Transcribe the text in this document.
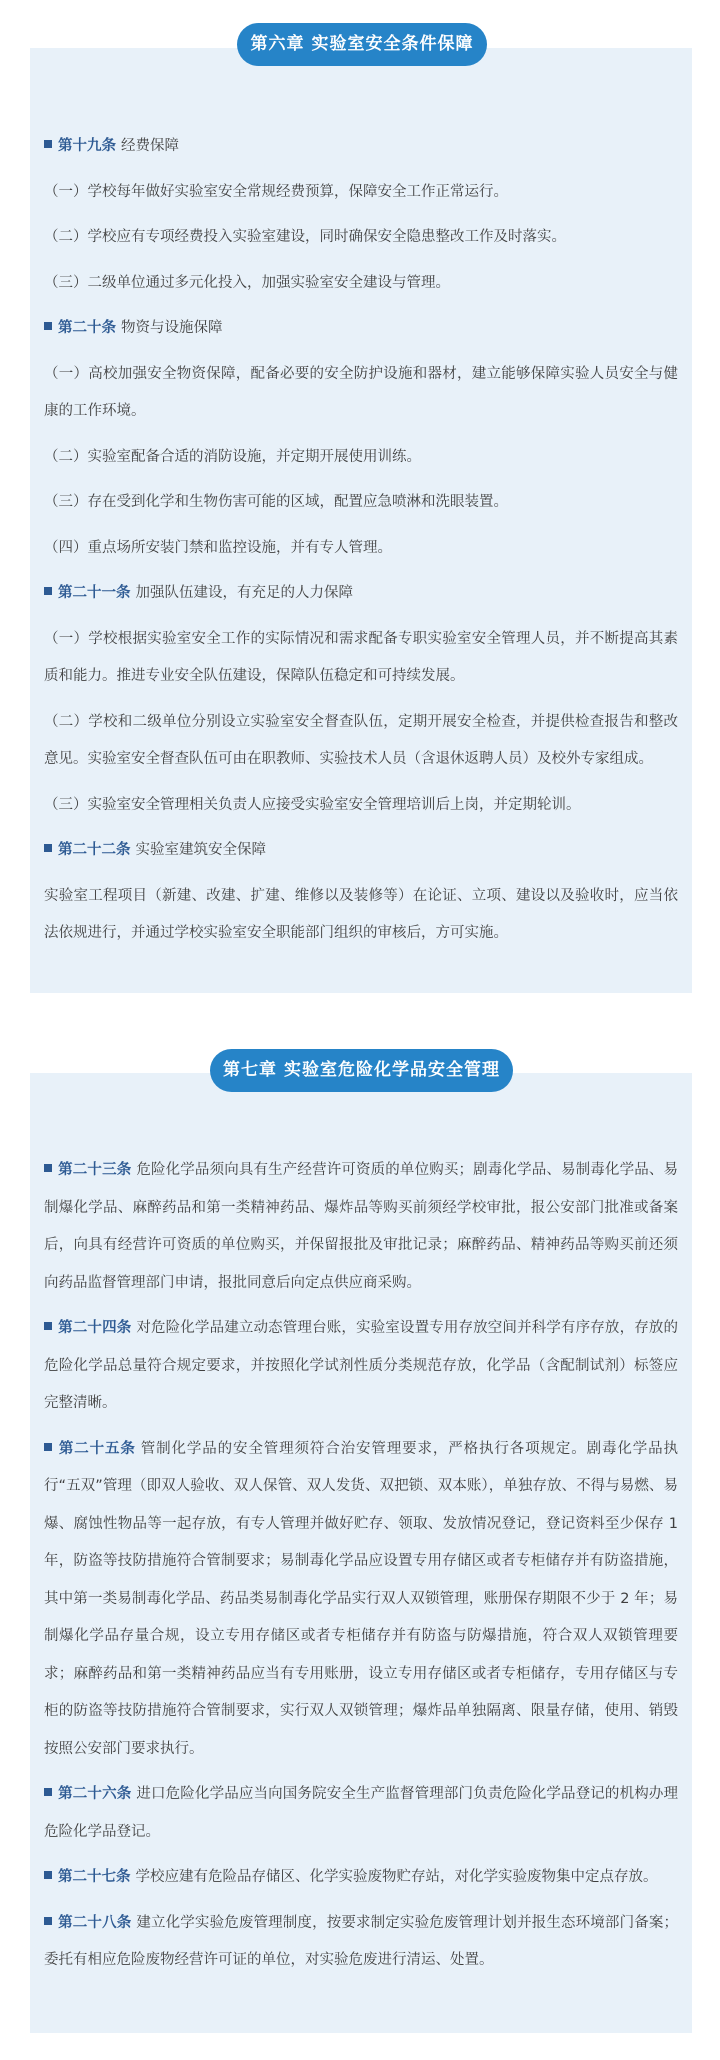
第六章 实验室安全条件保障

第十九条 经费保障

（一）学校每年做好实验室安全常规经费预算，保障安全工作正常运行。

（二）学校应有专项经费投入实验室建设，同时确保安全隐患整改工作及时落实。

（三）二级单位通过多元化投入，加强实验室安全建设与管理。

第二十条 物资与设施保障

（一）高校加强安全物资保障，配备必要的安全防护设施和器材，建立能够保障实验人员安全与健康的工作环境。

（二）实验室配备合适的消防设施，并定期开展使用训练。

（三）存在受到化学和生物伤害可能的区域，配置应急喷淋和洗眼装置。

（四）重点场所安装门禁和监控设施，并有专人管理。

第二十一条 加强队伍建设，有充足的人力保障

（一）学校根据实验室安全工作的实际情况和需求配备专职实验室安全管理人员，并不断提高其素质和能力。推进专业安全队伍建设，保障队伍稳定和可持续发展。

（二）学校和二级单位分别设立实验室安全督查队伍，定期开展安全检查，并提供检查报告和整改意见。实验室安全督查队伍可由在职教师、实验技术人员（含退休返聘人员）及校外专家组成。

（三）实验室安全管理相关负责人应接受实验室安全管理培训后上岗，并定期轮训。

第二十二条 实验室建筑安全保障

实验室工程项目（新建、改建、扩建、维修以及装修等）在论证、立项、建设以及验收时，应当依法依规进行，并通过学校实验室安全职能部门组织的审核后，方可实施。

第七章 实验室危险化学品安全管理

第二十三条 危险化学品须向具有生产经营许可资质的单位购买；剧毒化学品、易制毒化学品、易制爆化学品、麻醉药品和第一类精神药品、爆炸品等购买前须经学校审批，报公安部门批准或备案后，向具有经营许可资质的单位购买，并保留报批及审批记录；麻醉药品、精神药品等购买前还须向药品监督管理部门申请，报批同意后向定点供应商采购。

第二十四条 对危险化学品建立动态管理台账，实验室设置专用存放空间并科学有序存放，存放的危险化学品总量符合规定要求，并按照化学试剂性质分类规范存放，化学品（含配制试剂）标签应完整清晰。

第二十五条 管制化学品的安全管理须符合治安管理要求，严格执行各项规定。剧毒化学品执行“五双”管理（即双人验收、双人保管、双人发货、双把锁、双本账），单独存放、不得与易燃、易爆、腐蚀性物品等一起存放，有专人管理并做好贮存、领取、发放情况登记，登记资料至少保存 1 年，防盗等技防措施符合管制要求；易制毒化学品应设置专用存储区或者专柜储存并有防盗措施，其中第一类易制毒化学品、药品类易制毒化学品实行双人双锁管理，账册保存期限不少于 2 年；易制爆化学品存量合规，设立专用存储区或者专柜储存并有防盗与防爆措施，符合双人双锁管理要求；麻醉药品和第一类精神药品应当有专用账册，设立专用存储区或者专柜储存，专用存储区与专柜的防盗等技防措施符合管制要求，实行双人双锁管理；爆炸品单独隔离、限量存储，使用、销毁按照公安部门要求执行。

第二十六条 进口危险化学品应当向国务院安全生产监督管理部门负责危险化学品登记的机构办理危险化学品登记。

第二十七条 学校应建有危险品存储区、化学实验废物贮存站，对化学实验废物集中定点存放。

第二十八条 建立化学实验危废管理制度，按要求制定实验危废管理计划并报生态环境部门备案；委托有相应危险废物经营许可证的单位，对实验危废进行清运、处置。
